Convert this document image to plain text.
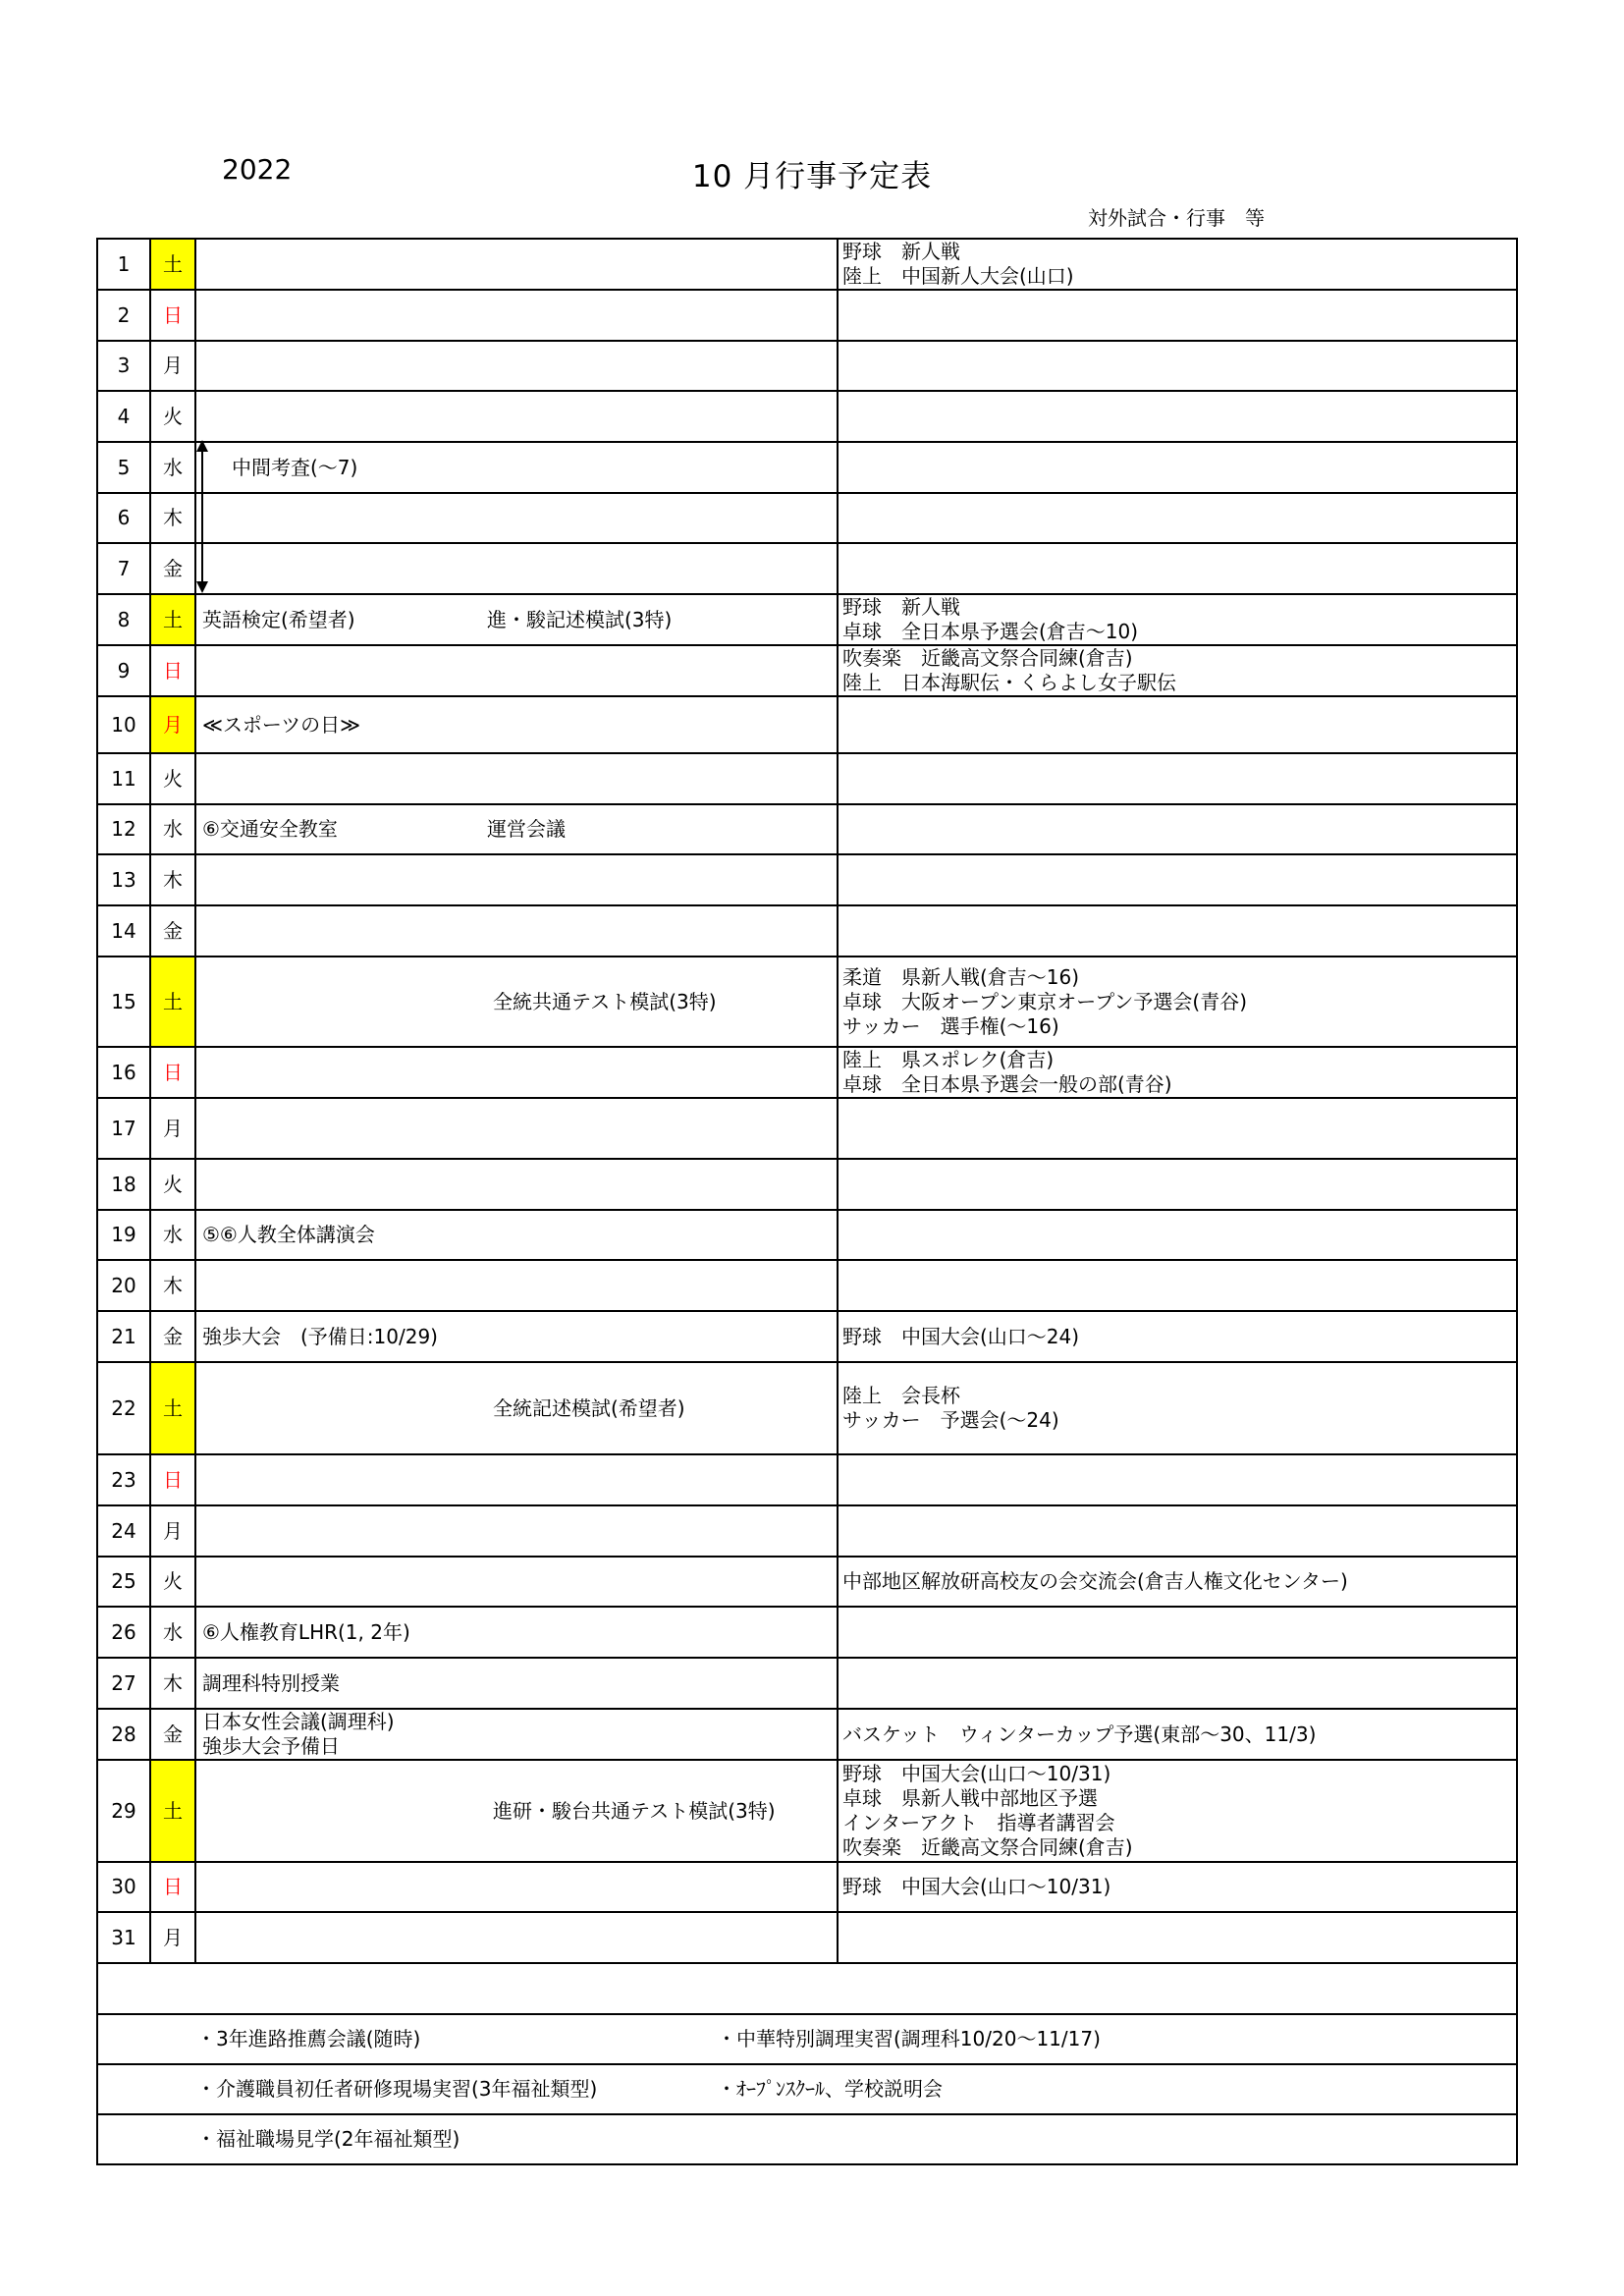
2022	10 月行事予定表
対外試合・行事　等
1	土		野球　新人戦
陸上　中国新人大会(山口)

2	日		
3	月		
4	火		
5	水	中間考査(～7)	
6	木		
7	金		
8	土	英語検定(希望者) 進・駿記述模試(3特)	野球　新人戦
卓球　全日本県予選会(倉吉～10)

9	日		吹奏楽　近畿高文祭合同練(倉吉)
陸上　日本海駅伝・くらよし女子駅伝

10	月	≪スポーツの日≫	
11	火		
12	水	⑥交通安全教室 運営会議	
13	木		
14	金		
15	土	全統共通テスト模試(3特)	柔道　県新人戦(倉吉～16)
卓球　大阪オープン東京オープン予選会(青谷)
サッカー　選手権(～16)

16	日		陸上　県スポレク(倉吉)
卓球　全日本県予選会一般の部(青谷)

17	月		
18	火		
19	水	⑤⑥人教全体講演会	
20	木		
21	金	強歩大会　(予備日:10/29)	野球　中国大会(山口～24)

22	土	全統記述模試(希望者)	陸上　会長杯
サッカー　予選会(～24)

23	日		
24	月		
25	火		中部地区解放研高校友の会交流会(倉吉人権文化センター)

26	水	⑥人権教育LHR(1, 2年)	
27	木	調理科特別授業	
28	金	日本女性会議(調理科)
強歩大会予備日	バスケット　ウィンターカップ予選(東部～30、11/3)

29	土	進研・駿台共通テスト模試(3特)	野球　中国大会(山口～10/31)
卓球　県新人戦中部地区予選
インターアクト　指導者講習会
吹奏楽　近畿高文祭合同練(倉吉)

30	日		野球　中国大会(山口～10/31)

31	月		

・3年進路推薦会議(随時) ・中華特別調理実習(調理科10/20～11/17)			
・介護職員初任者研修現場実習(3年福祉類型) ・ｵｰﾌﾟﾝｽｸｰﾙ、学校説明会			
・福祉職場見学(2年福祉類型)			
